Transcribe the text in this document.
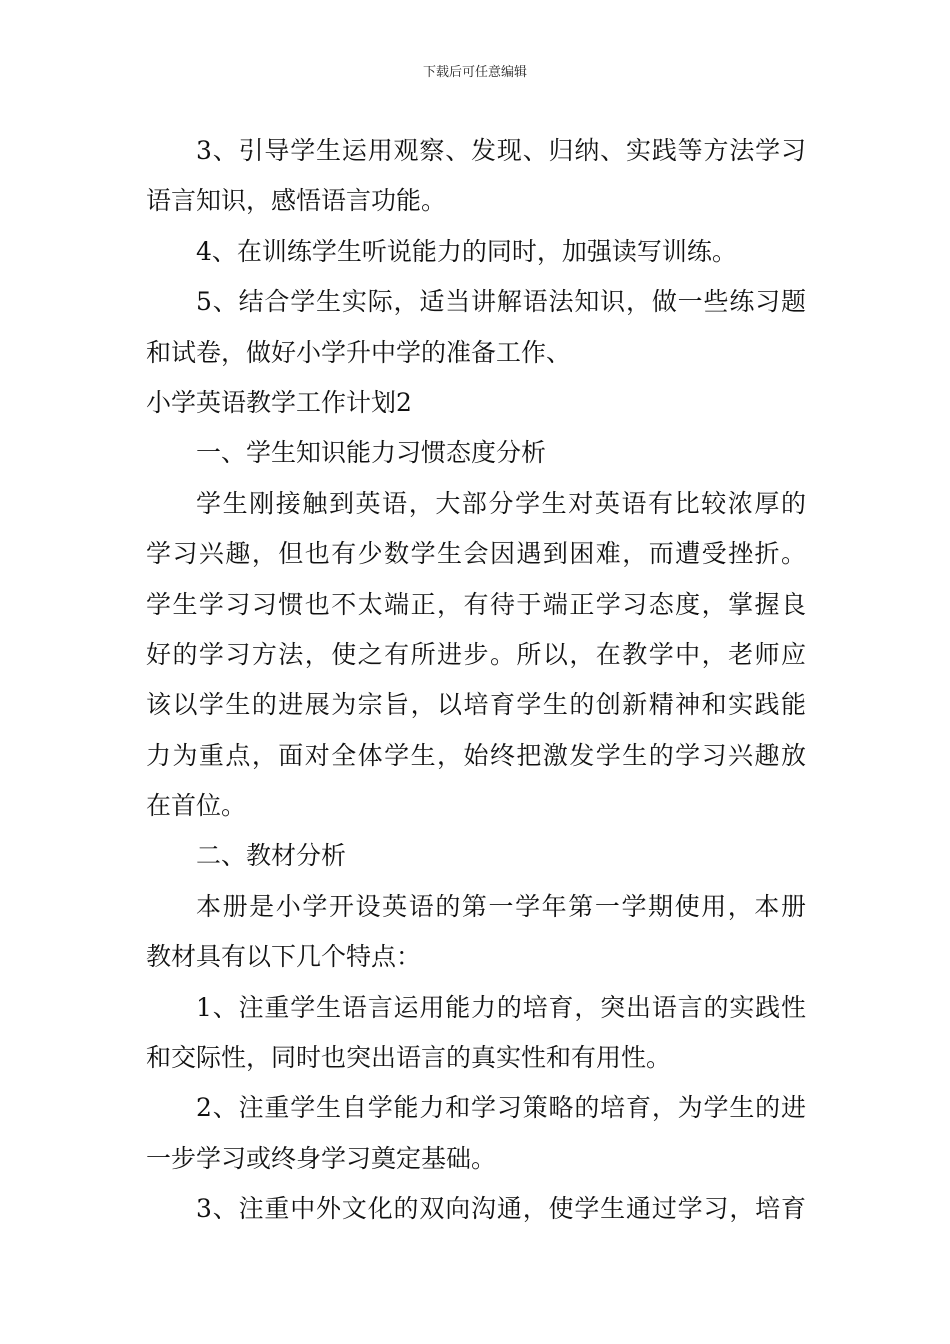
下载后可任意编辑
3、引导学生运用观察、发现、归纳、实践等方法学习
语言知识，感悟语言功能。
4、在训练学生听说能力的同时，加强读写训练。
5、结合学生实际，适当讲解语法知识，做一些练习题
和试卷，做好小学升中学的准备工作、
小学英语教学工作计划2
一、学生知识能力习惯态度分析
学生刚接触到英语，大部分学生对英语有比较浓厚的
学习兴趣，但也有少数学生会因遇到困难，而遭受挫折。
学生学习习惯也不太端正，有待于端正学习态度，掌握良
好的学习方法，使之有所进步。所以，在教学中，老师应
该以学生的进展为宗旨，以培育学生的创新精神和实践能
力为重点，面对全体学生，始终把激发学生的学习兴趣放
在首位。
二、教材分析
本册是小学开设英语的第一学年第一学期使用，本册
教材具有以下几个特点：
1、注重学生语言运用能力的培育，突出语言的实践性
和交际性，同时也突出语言的真实性和有用性。
2、注重学生自学能力和学习策略的培育，为学生的进
一步学习或终身学习奠定基础。
3、注重中外文化的双向沟通，使学生通过学习，培育
